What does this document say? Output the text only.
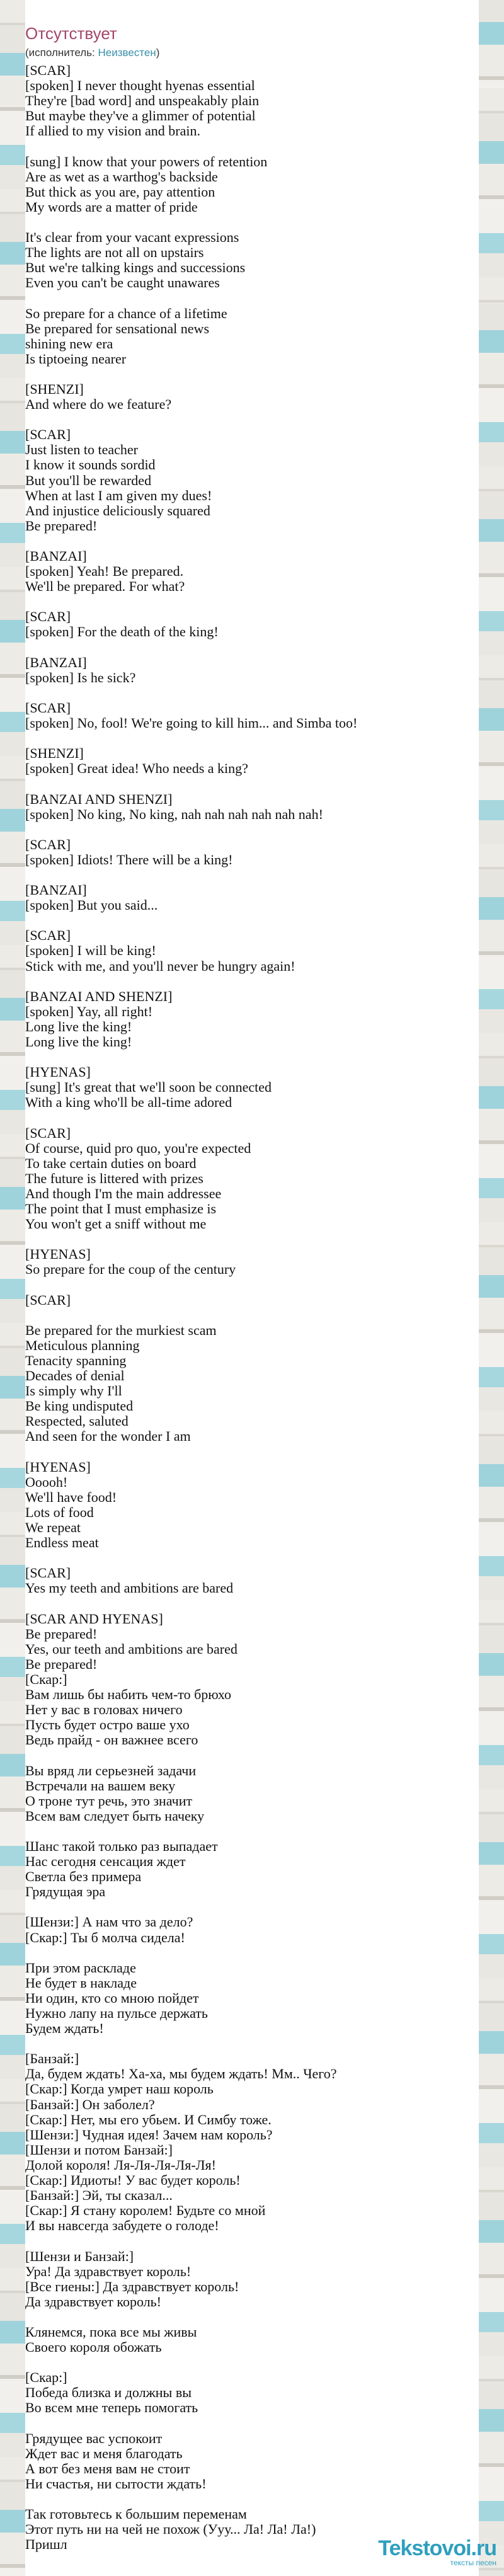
Отсутствует
(исполнитель: Неизвестен)
[SCAR]
[spoken] I never thought hyenas essential
They're [bad word] and unspeakably plain
But maybe they've a glimmer of potential
If allied to my vision and brain.

[sung] I know that your powers of retention
Are as wet as a warthog's backside
But thick as you are, pay attention
My words are a matter of pride

It's clear from your vacant expressions
The lights are not all on upstairs
But we're talking kings and successions
Even you can't be caught unawares

So prepare for a chance of a lifetime
Be prepared for sensational news
shining new era
Is tiptoeing nearer

[SHENZI]
And where do we feature?

[SCAR]
Just listen to teacher
I know it sounds sordid
But you'll be rewarded
When at last I am given my dues!
And injustice deliciously squared
Be prepared!

[BANZAI]
[spoken] Yeah! Be prepared.
We'll be prepared. For what?

[SCAR]
[spoken] For the death of the king!

[BANZAI]
[spoken] Is he sick?

[SCAR]
[spoken] No, fool! We're going to kill him... and Simba too!

[SHENZI]
[spoken] Great idea! Who needs a king?

[BANZAI AND SHENZI]
[spoken] No king, No king, nah nah nah nah nah nah!

[SCAR]
[spoken] Idiots! There will be a king!

[BANZAI]
[spoken] But you said...

[SCAR]
[spoken] I will be king!
Stick with me, and you'll never be hungry again!

[BANZAI AND SHENZI]
[spoken] Yay, all right!
Long live the king!
Long live the king!

[HYENAS]
[sung] It's great that we'll soon be connected
With a king who'll be all-time adored

[SCAR]
Of course, quid pro quo, you're expected
To take certain duties on board
The future is littered with prizes
And though I'm the main addressee
The point that I must emphasize is
You won't get a sniff without me

[HYENAS]
So prepare for the coup of the century

[SCAR]

Be prepared for the murkiest scam
Meticulous planning
Tenacity spanning
Decades of denial
Is simply why I'll
Be king undisputed
Respected, saluted
And seen for the wonder I am

[HYENAS]
Ooooh!
We'll have food!
Lots of food
We repeat
Endless meat

[SCAR]
Yes my teeth and ambitions are bared

[SCAR AND HYENAS]
Be prepared!
Yes, our teeth and ambitions are bared
Be prepared!
[Скар:]
Вам лишь бы набить чем-то брюхо
Нет у вас в головах ничего
Пусть будет остро ваше ухо
Ведь прайд - он важнее всего

Вы вряд ли серьезней задачи
Встречали на вашем веку
О троне тут речь, это значит
Всем вам следует быть начеку

Шанс такой только раз выпадает
Нас сегодня сенсация ждет
Светла без примера
Грядущая эра

[Шензи:] А нам что за дело?
[Скар:] Ты б молча сидела!

При этом раскладе
Не будет в накладе
Ни один, кто со мною пойдет
Нужно лапу на пульсе держать
Будем ждать!

[Банзай:]
Да, будем ждать! Ха-ха, мы будем ждать! Мм.. Чего?
[Скар:] Когда умрет наш король
[Банзай:] Он заболел?
[Скар:] Нет, мы его убьем. И Симбу тоже.
[Шензи:] Чудная идея! Зачем нам король?
[Шензи и потом Банзай:]
Долой короля! Ля-Ля-Ля-Ля-Ля!
[Скар:] Идиоты! У вас будет король!
[Банзай:] Эй, ты сказал...
[Скар:] Я стану королем! Будьте со мной
И вы навсегда забудете о голоде!

[Шензи и Банзай:]
Ура! Да здравствует король!
[Все гиены:] Да здравствует король!
Да здравствует король!

Клянемся, пока все мы живы
Своего короля обожать

[Скар:]
Победа близка и должны вы
Во всем мне теперь помогать

Грядущее вас успокоит
Ждет вас и меня благодать
А вот без меня вам не стоит
Ни счастья, ни сытости ждать!

Так готовьтесь к большим переменам
Этот путь ни на чей не похож (Ууу... Ла! Ла! Ла!)
Пришл	Tekstovoi.ru
тексты песен
